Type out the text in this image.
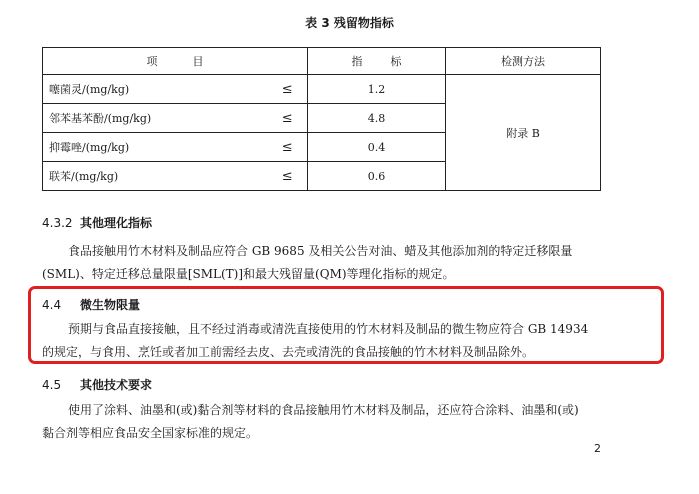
表 3 残留物指标
项          目		指        标	检测方法
噻菌灵/(mg/kg)	≤	1.2	附录 B
邻苯基苯酚/(mg/kg)	≤	4.8	
抑霉唑/(mg/kg)	≤	0.4	
联苯/(mg/kg)	≤	0.6	
4.3.2 其他理化指标
食品接触用竹木材料及制品应符合 GB 9685 及相关公告对油、蜡及其他添加剂的特定迁移限量
(SML)、特定迁移总量限量[SML(T)]和最大残留量(QM)等理化指标的规定。
4.4 微生物限量
预期与食品直接接触，且不经过消毒或清洗直接使用的竹木材料及制品的微生物应符合 GB 14934
的规定，与食用、烹饪或者加工前需经去皮、去壳或清洗的食品接触的竹木材料及制品除外。
4.5 其他技术要求
使用了涂料、油墨和(或)黏合剂等材料的食品接触用竹木材料及制品，还应符合涂料、油墨和(或)
黏合剂等相应食品安全国家标准的规定。
2
